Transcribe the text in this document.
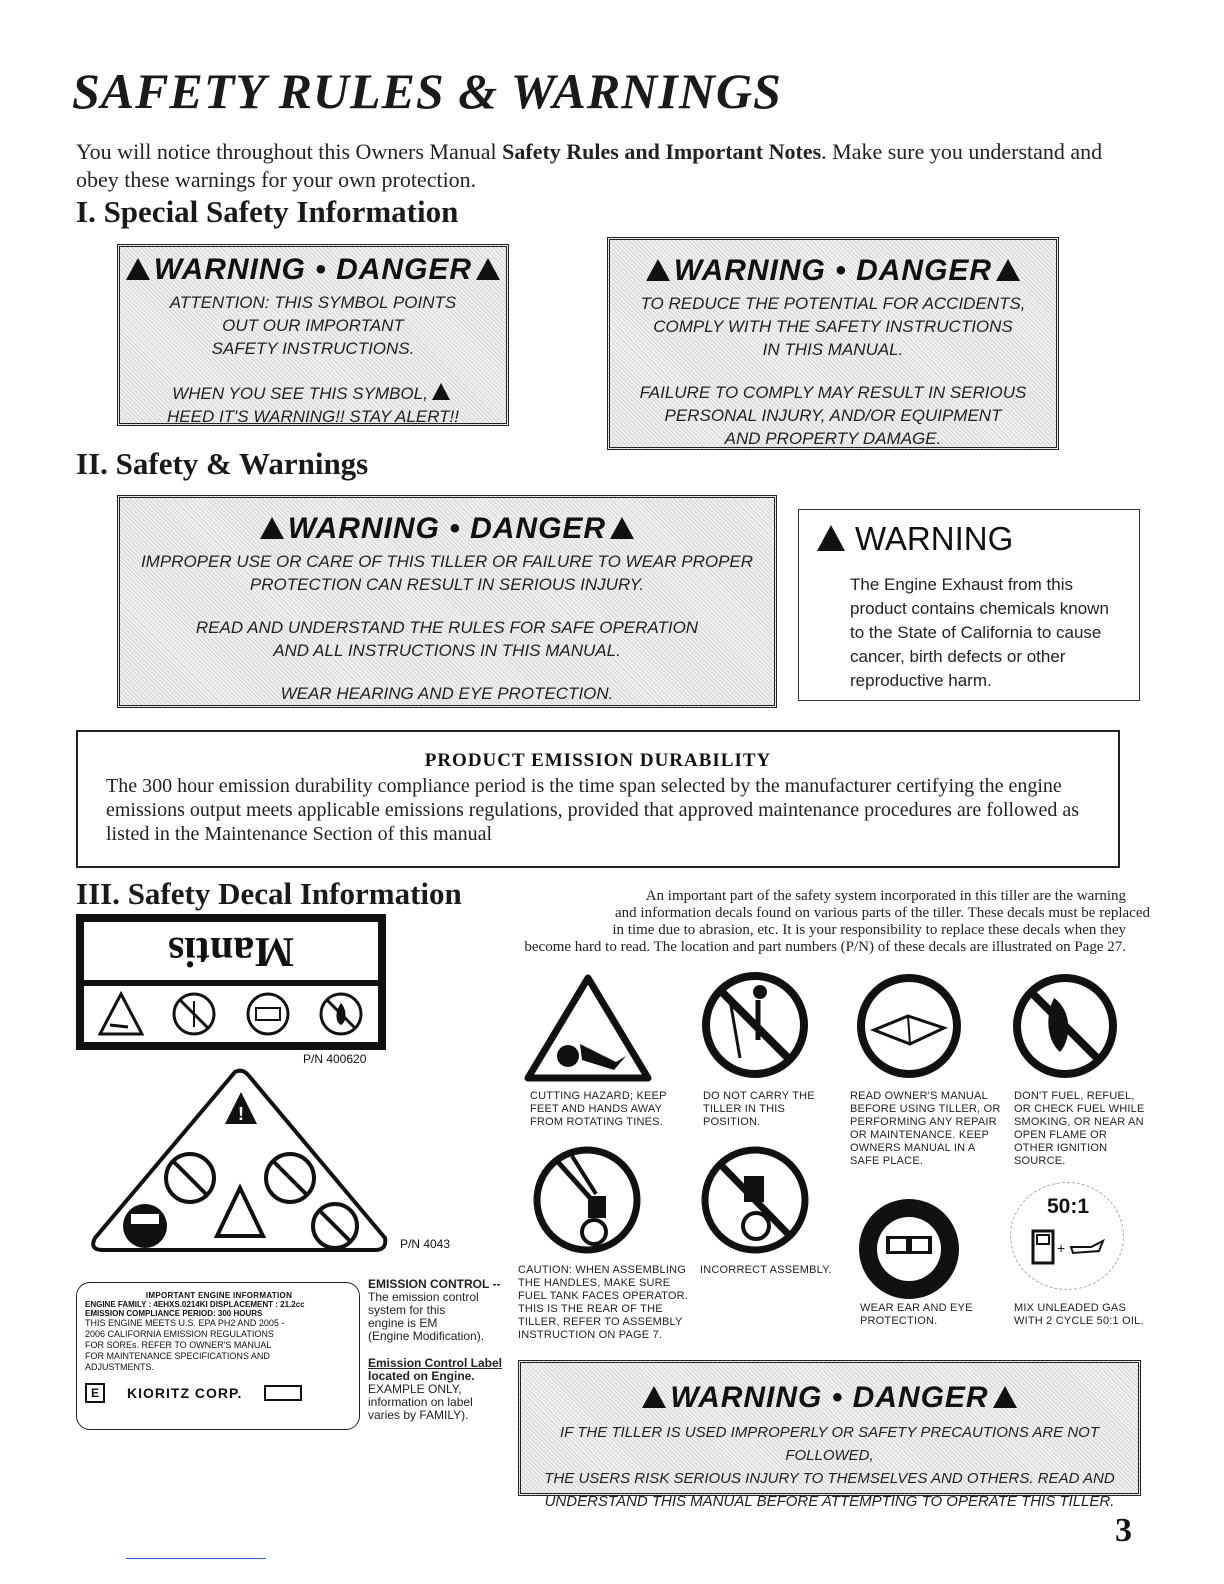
SAFETY RULES & WARNINGS
You will notice throughout this Owners Manual Safety Rules and Important Notes. Make sure you understand and obey these warnings for your own protection.
I. Special Safety Information
WARNING • DANGER

ATTENTION: THIS SYMBOL POINTS

OUT OUR IMPORTANT

SAFETY INSTRUCTIONS.

WHEN YOU SEE THIS SYMBOL,

HEED IT'S WARNING!! STAY ALERT!!

WARNING • DANGER

TO REDUCE THE POTENTIAL FOR ACCIDENTS,

COMPLY WITH THE SAFETY INSTRUCTIONS

IN THIS MANUAL.

FAILURE TO COMPLY MAY RESULT IN SERIOUS

PERSONAL INJURY, AND/OR EQUIPMENT

AND PROPERTY DAMAGE.

II. Safety & Warnings
WARNING • DANGER

IMPROPER USE OR CARE OF THIS TILLER OR FAILURE TO WEAR PROPER

PROTECTION CAN RESULT IN SERIOUS INJURY.

READ AND UNDERSTAND THE RULES FOR SAFE OPERATION

AND ALL INSTRUCTIONS IN THIS MANUAL.

WEAR HEARING AND EYE PROTECTION.

WARNING
The Engine Exhaust from this
product contains chemicals known
to the State of California to cause
cancer, birth defects or other
reproductive harm.
PRODUCT EMISSION DURABILITY
The 300 hour emission durability compliance period is the time span selected by the manufacturer certifying the engine emissions output meets applicable emissions regulations, provided that approved maintenance procedures are followed as listed in the Maintenance Section of this manual
III. Safety Decal Information	An important part of the safety system incorporated in this tiller are the warning
and information decals found on various parts of the tiller. These decals must be replaced
in time due to abrasion, etc. It is your responsibility to replace these decals when they
become hard to read. The location and part numbers (P/N) of these decals are illustrated on Page 27.
Mantis
P/N 400620
!
P/N 4043
IMPORTANT ENGINE INFORMATION
ENGINE FAMILY : 4EHXS.0214KI DISPLACEMENT : 21.2cc
EMISSION COMPLIANCE PERIOD: 300 HOURS
THIS ENGINE MEETS U.S. EPA PH2 AND 2005 -
2006 CALIFORNIA EMISSION REGULATIONS
FOR SOREs. REFER TO OWNER'S MANUAL
FOR MAINTENANCE SPECIFICATIONS AND
ADJUSTMENTS.
E	KIORITZ CORP.
EMISSION CONTROL --
The emission control
system for this
engine is EM
(Engine Modification).
Emission Control Label
located on Engine.
EXAMPLE ONLY,
information on label
varies by FAMILY).
CUTTING HAZARD; KEEP
FEET AND HANDS AWAY
FROM ROTATING TINES.
DO NOT CARRY THE
TILLER IN THIS
POSITION.
READ OWNER'S MANUAL
BEFORE USING TILLER, OR
PERFORMING ANY REPAIR
OR MAINTENANCE. KEEP
OWNERS MANUAL IN A
SAFE PLACE.
DON'T FUEL, REFUEL,
OR CHECK FUEL WHILE
SMOKING, OR NEAR AN
OPEN FLAME OR
OTHER IGNITION
SOURCE.
50:1
+
CAUTION: WHEN ASSEMBLING
THE HANDLES, MAKE SURE
FUEL TANK FACES OPERATOR.
THIS IS THE REAR OF THE
TILLER, REFER TO ASSEMBLY
INSTRUCTION ON PAGE 7.
INCORRECT ASSEMBLY.
WEAR EAR AND EYE
PROTECTION.
MIX UNLEADED GAS
WITH 2 CYCLE 50:1 OIL.
WARNING • DANGER

IF THE TILLER IS USED IMPROPERLY OR SAFETY PRECAUTIONS ARE NOT FOLLOWED,

THE USERS RISK SERIOUS INJURY TO THEMSELVES AND OTHERS. READ AND

UNDERSTAND THIS MANUAL BEFORE ATTEMPTING TO OPERATE THIS TILLER.

3
